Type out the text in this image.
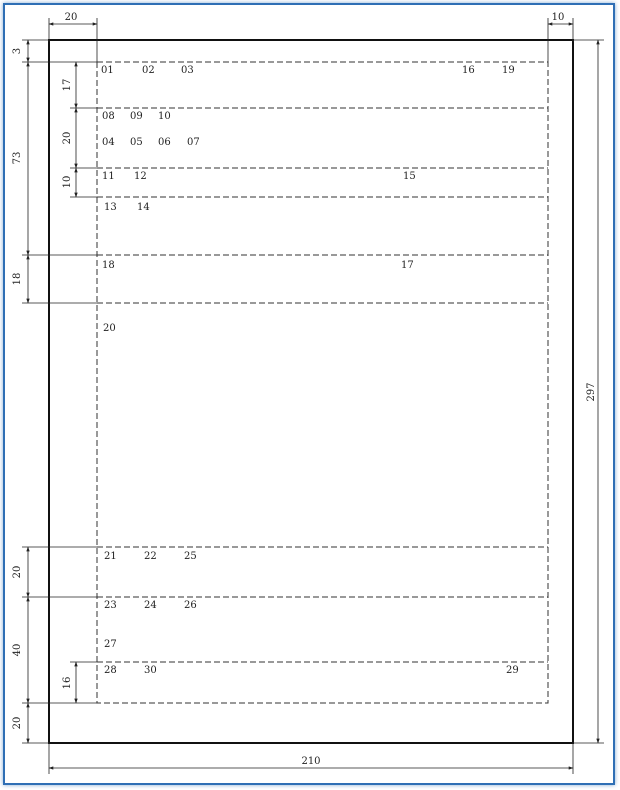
20	10
3
73
18
17
20
10
20
40
20
16
297
210
01	02	03	16	19
08 09 10
04 05 06 07
11 12	15
13 14
18	17
20
21	22	25
23	24	26
27
28	30	29
